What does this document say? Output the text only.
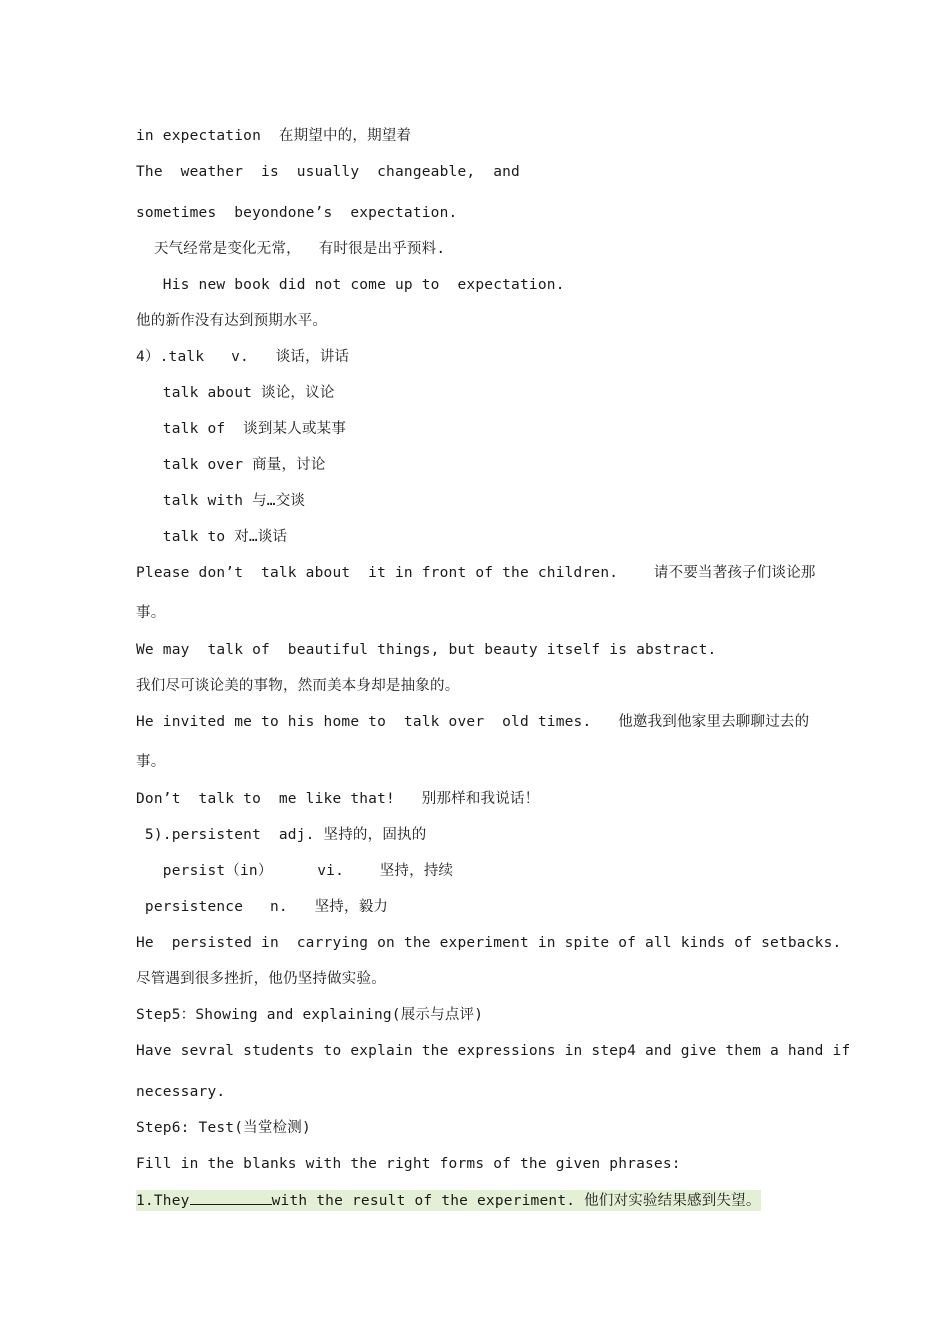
in expectation  在期望中的，期望着
The  weather  is  usually  changeable,  and
sometimes  beyondone’s  expectation.
天气经常是变化无常，  有时很是出乎预料.
His new book did not come up to  expectation.
他的新作没有达到预期水平。
4）.talk   v.   谈话，讲话
talk about 谈论，议论
talk of  谈到某人或某事
talk over 商量，讨论
talk with 与…交谈
talk to 对…谈话
Please don’t  talk about  it in front of the children.    请不要当著孩子们谈论那
事。
We may  talk of  beautiful things, but beauty itself is abstract.
我们尽可谈论美的事物，然而美本身却是抽象的。
He invited me to his home to  talk over  old times.   他邀我到他家里去聊聊过去的
事。
Don’t  talk to  me like that!   别那样和我说话！
5).persistent  adj. 坚持的，固执的
persist（in）     vi.    坚持，持续
persistence   n.   坚持，毅力
He  persisted in  carrying on the experiment in spite of all kinds of setbacks.
尽管遇到很多挫折，他仍坚持做实验。
Step5：Showing and explaining(展示与点评)
Have sevral students to explain the expressions in step4 and give them a hand if
necessary.
Step6: Test(当堂检测)
Fill in the blanks with the right forms of the given phrases:
1.They	with the result of the experiment. 他们对实验结果感到失望。
